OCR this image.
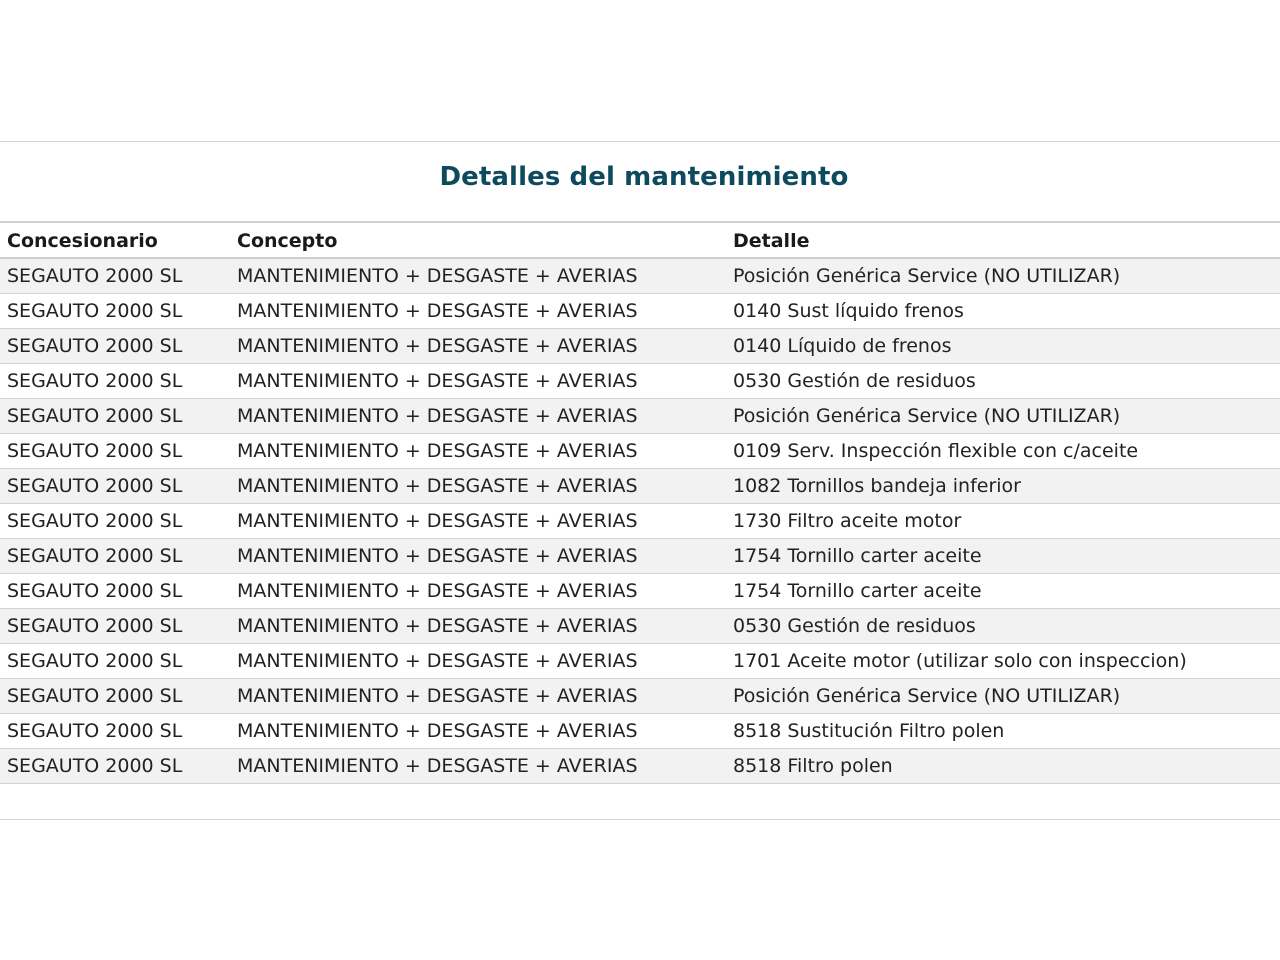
Detalles del mantenimiento
Concesionario	Concepto	Detalle
SEGAUTO 2000 SL	MANTENIMIENTO + DESGASTE + AVERIAS	Posición Genérica Service (NO UTILIZAR)
SEGAUTO 2000 SL	MANTENIMIENTO + DESGASTE + AVERIAS	0140 Sust líquido frenos
SEGAUTO 2000 SL	MANTENIMIENTO + DESGASTE + AVERIAS	0140 Líquido de frenos
SEGAUTO 2000 SL	MANTENIMIENTO + DESGASTE + AVERIAS	0530 Gestión de residuos
SEGAUTO 2000 SL	MANTENIMIENTO + DESGASTE + AVERIAS	Posición Genérica Service (NO UTILIZAR)
SEGAUTO 2000 SL	MANTENIMIENTO + DESGASTE + AVERIAS	0109 Serv. Inspección flexible con c/aceite
SEGAUTO 2000 SL	MANTENIMIENTO + DESGASTE + AVERIAS	1082 Tornillos bandeja inferior
SEGAUTO 2000 SL	MANTENIMIENTO + DESGASTE + AVERIAS	1730 Filtro aceite motor
SEGAUTO 2000 SL	MANTENIMIENTO + DESGASTE + AVERIAS	1754 Tornillo carter aceite
SEGAUTO 2000 SL	MANTENIMIENTO + DESGASTE + AVERIAS	1754 Tornillo carter aceite
SEGAUTO 2000 SL	MANTENIMIENTO + DESGASTE + AVERIAS	0530 Gestión de residuos
SEGAUTO 2000 SL	MANTENIMIENTO + DESGASTE + AVERIAS	1701 Aceite motor (utilizar solo con inspeccion)
SEGAUTO 2000 SL	MANTENIMIENTO + DESGASTE + AVERIAS	Posición Genérica Service (NO UTILIZAR)
SEGAUTO 2000 SL	MANTENIMIENTO + DESGASTE + AVERIAS	8518 Sustitución Filtro polen
SEGAUTO 2000 SL	MANTENIMIENTO + DESGASTE + AVERIAS	8518 Filtro polen
